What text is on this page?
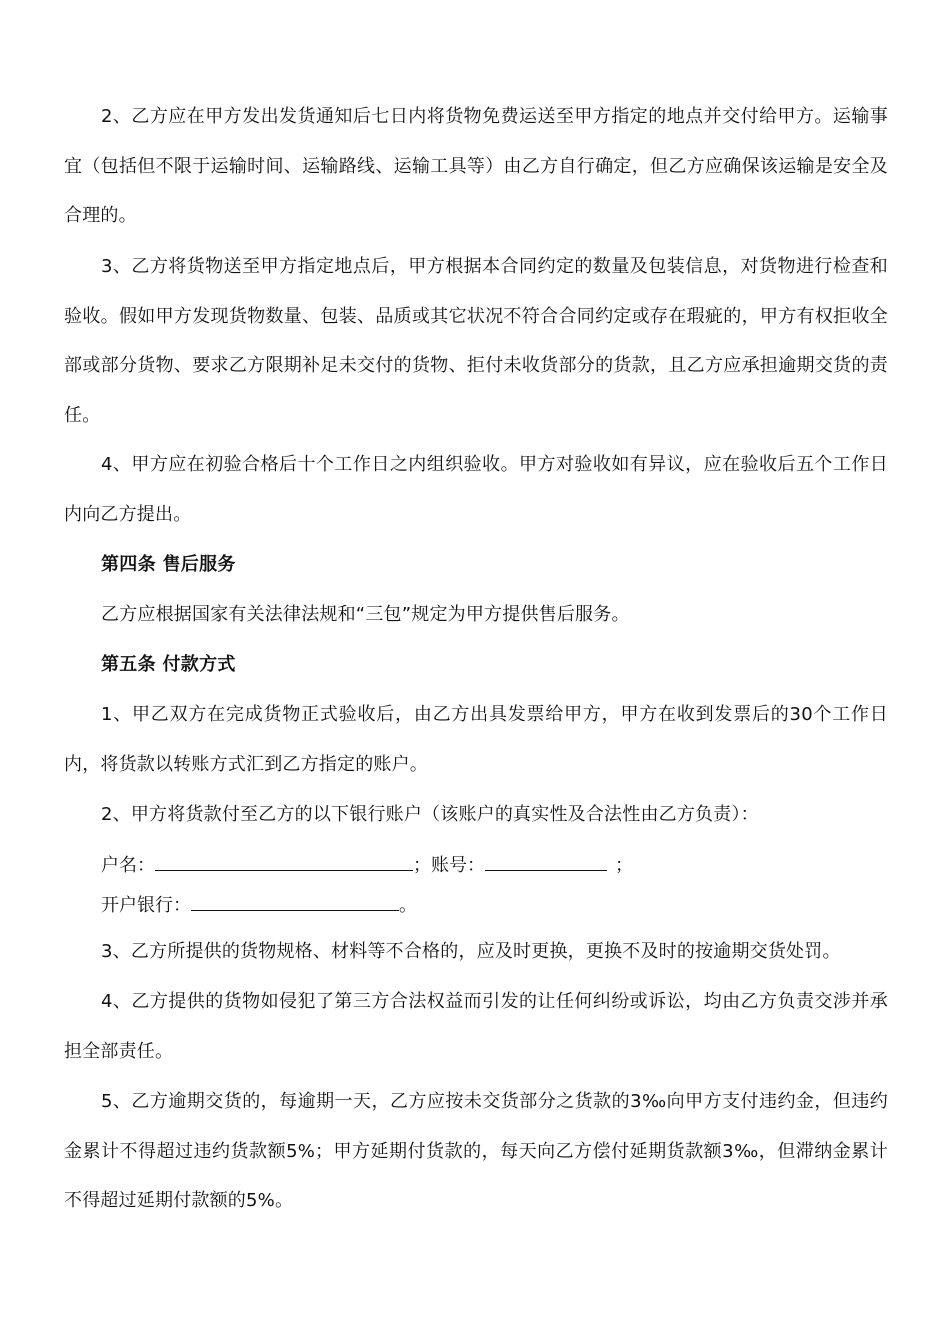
2、乙方应在甲方发出发货通知后七日内将货物免费运送至甲方指定的地点并交付给甲方。运输事宜（包括但不限于运输时间、运输路线、运输工具等）由乙方自行确定，但乙方应确保该运输是安全及合理的。

3、乙方将货物送至甲方指定地点后，甲方根据本合同约定的数量及包装信息，对货物进行检查和验收。假如甲方发现货物数量、包装、品质或其它状况不符合合同约定或存在瑕疵的，甲方有权拒收全部或部分货物、要求乙方限期补足未交付的货物、拒付未收货部分的货款，且乙方应承担逾期交货的责任。

4、甲方应在初验合格后十个工作日之内组织验收。甲方对验收如有异议，应在验收后五个工作日内向乙方提出。

第四条 售后服务

乙方应根据国家有关法律法规和“三包”规定为甲方提供售后服务。

第五条 付款方式

1、甲乙双方在完成货物正式验收后，由乙方出具发票给甲方，甲方在收到发票后的30个工作日内，将货款以转账方式汇到乙方指定的账户。

2、甲方将货款付至乙方的以下银行账户（该账户的真实性及合法性由乙方负责）：

户名：	；账号：	；
开户银行：	。

3、乙方所提供的货物规格、材料等不合格的，应及时更换，更换不及时的按逾期交货处罚。

4、乙方提供的货物如侵犯了第三方合法权益而引发的让任何纠纷或诉讼，均由乙方负责交涉并承担全部责任。

5、乙方逾期交货的，每逾期一天，乙方应按未交货部分之货款的3‰向甲方支付违约金，但违约金累计不得超过违约货款额5%；甲方延期付货款的，每天向乙方偿付延期货款额3‰，但滞纳金累计不得超过延期付款额的5%。
